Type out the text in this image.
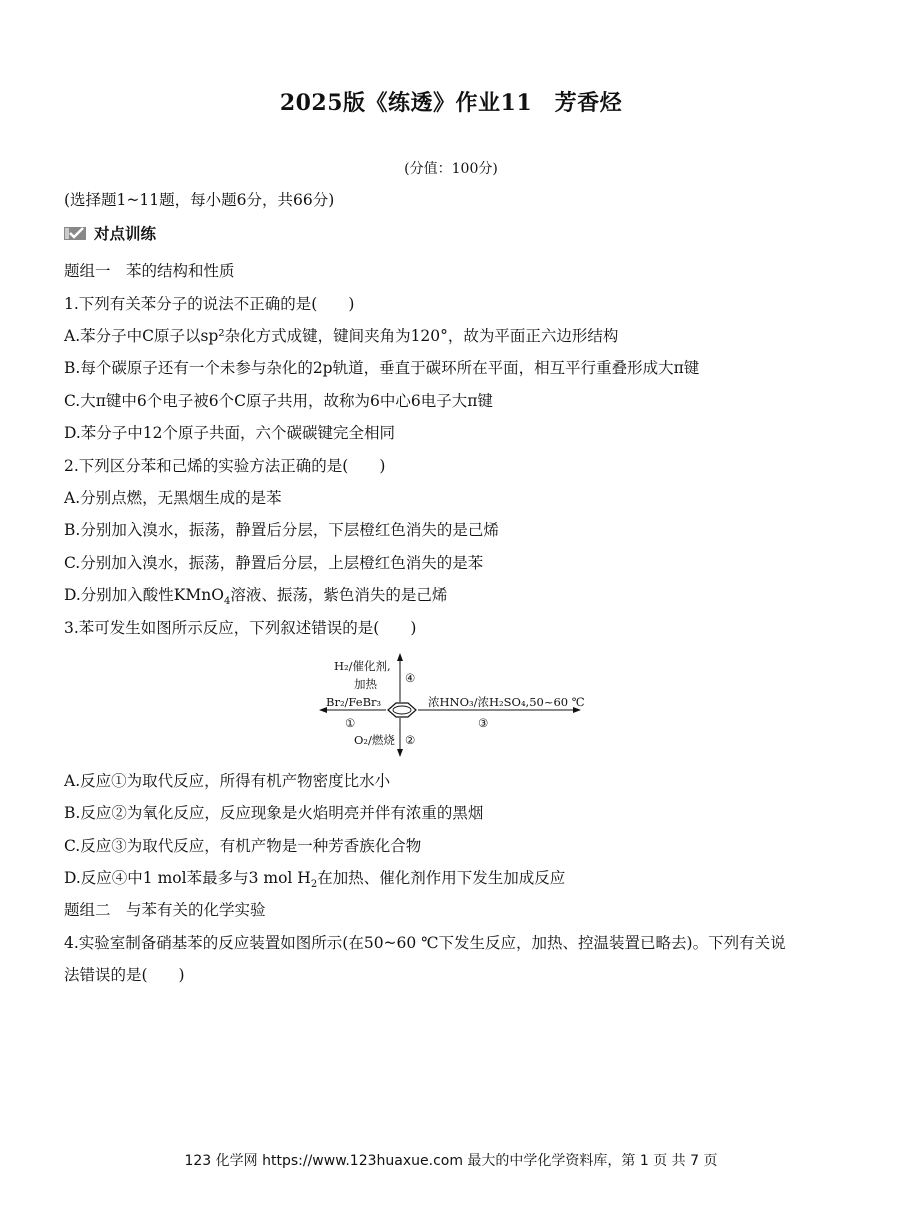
2025版《练透》作业11　芳香烃
(分值：100分)
(选择题1~11题，每小题6分，共66分)
对点训练
题组一　苯的结构和性质
1.下列有关苯分子的说法不正确的是(　　)
A.苯分子中C原子以sp²杂化方式成键，键间夹角为120°，故为平面正六边形结构
B.每个碳原子还有一个未参与杂化的2p轨道，垂直于碳环所在平面，相互平行重叠形成大π键
C.大π键中6个电子被6个C原子共用，故称为6中心6电子大π键
D.苯分子中12个原子共面，六个碳碳键完全相同
2.下列区分苯和己烯的实验方法正确的是(　　)
A.分别点燃，无黑烟生成的是苯
B.分别加入溴水，振荡，静置后分层，下层橙红色消失的是己烯
C.分别加入溴水，振荡，静置后分层，上层橙红色消失的是苯
D.分别加入酸性KMnO$_4$溶液、振荡，紫色消失的是己烯
3.苯可发生如图所示反应，下列叙述错误的是(　　)
H₂/催化剂,
加热 ④
Br₂/FeBr₃
①
浓HNO₃/浓H₂SO₄,50~60 ℃
③
O₂/燃烧 ②
A.反应①为取代反应，所得有机产物密度比水小
B.反应②为氧化反应，反应现象是火焰明亮并伴有浓重的黑烟
C.反应③为取代反应，有机产物是一种芳香族化合物
D.反应④中1 mol苯最多与3 mol $H_2$在加热、催化剂作用下发生加成反应
题组二　与苯有关的化学实验
4.实验室制备硝基苯的反应装置如图所示(在50~60 ℃下发生反应，加热、控温装置已略去)。下列有关说
法错误的是(　　)
123 化学网 https://www.123huaxue.com 最大的中学化学资料库，第 1 页 共 7 页
